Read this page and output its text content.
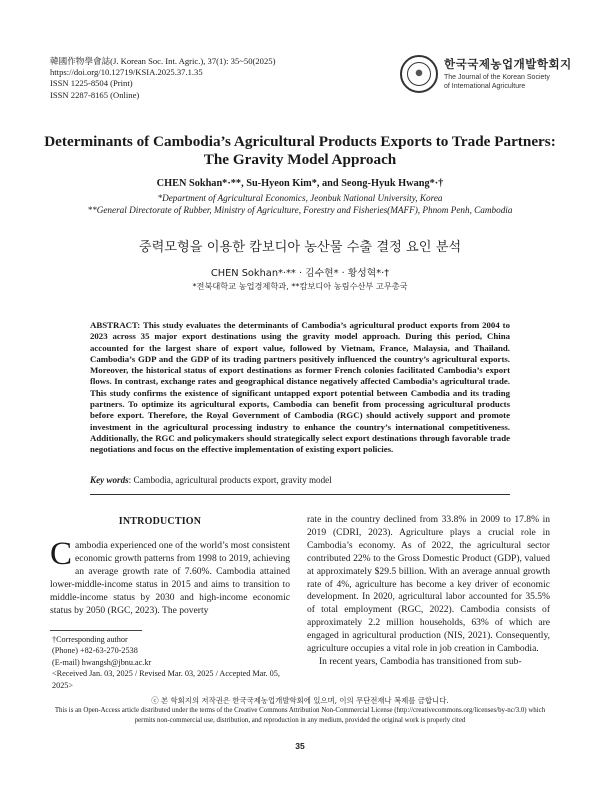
韓國作物學會誌(J. Korean Soc. Int. Agric.), 37(1): 35~50(2025)
https://doi.org/10.12719/KSIA.2025.37.1.35
ISSN 1225-8504 (Print)
ISSN 2287-8165 (Online)
한국국제농업개발학회지
The Journal of the Korean Society
of International Agriculture
Determinants of Cambodia’s Agricultural Products Exports to Trade Partners:
The Gravity Model Approach
CHEN Sokhan*·**, Su-Hyeon Kim*, and Seong-Hyuk Hwang*·†
*Department of Agricultural Economics, Jeonbuk National University, Korea
**General Directorate of Rubber, Ministry of Agriculture, Forestry and Fisheries(MAFF), Phnom Penh, Cambodia
중력모형을 이용한 캄보디아 농산물 수출 결정 요인 분석
CHEN Sokhan*·** · 김수현* · 황성혁*·†
*전북대학교 농업경제학과, **캄보디아 농림수산부 고무총국
ABSTRACT: This study evaluates the determinants of Cambodia’s agricultural product exports from 2004 to 2023 across 35 major export destinations using the gravity model approach. During this period, China accounted for the largest share of export value, followed by Vietnam, France, Malaysia, and Thailand. Cambodia’s GDP and the GDP of its trading partners positively influenced the country’s agricultural exports. Moreover, the historical status of export destinations as former French colonies facilitated Cambodia’s export flows. In contrast, exchange rates and geographical distance negatively affected Cambodia’s agricultural trade. This study confirms the existence of significant untapped export potential between Cambodia and its trading partners. To optimize its agricultural exports, Cambodia can benefit from processing agricultural products before export. Therefore, the Royal Government of Cambodia (RGC) should actively support and promote investment in the agricultural processing industry to enhance the country’s international competitiveness. Additionally, the RGC and policymakers should strategically select export destinations through favorable trade negotiations and focus on the effective implementation of existing export policies.
Key words: Cambodia, agricultural products export, gravity model
INTRODUCTION

Cambodia experienced one of the world’s most consistent economic growth patterns from 1998 to 2019, achieving an average growth rate of 7.60%. Cambodia attained lower-middle-income status in 2015 and aims to transition to middle-income status by 2030 and high-income economic status by 2050 (RGC, 2023). The poverty

rate in the country declined from 33.8% in 2009 to 17.8% in 2019 (CDRI, 2023). Agriculture plays a crucial role in Cambodia’s economy. As of 2022, the agricultural sector contributed 22% to the Gross Domestic Product (GDP), valued at approximately $29.5 billion. With an average annual growth rate of 4%, agriculture has become a key driver of economic development. In 2020, agricultural labor accounted for 35.5% of total employment (RGC, 2022). Cambodia consists of approximately 2.2 million households, 63% of which are engaged in agricultural production (NIS, 2021). Consequently, agriculture occupies a vital role in job creation in Cambodia.

In recent years, Cambodia has transitioned from sub-

†Corresponding author
(Phone) +82-63-270-2538
(E-mail) hwangsh@jbnu.ac.kr
<Received Jan. 03, 2025 / Revised Mar. 03, 2025 / Accepted Mar. 05, 2025>
ⓒ 본 학회지의 저작권은 한국국제농업개발학회에 있으며, 이의 무단전재나 복제를 금합니다.
This is an Open-Access article distributed under the terms of the Creative Commons Attribution Non-Commercial License (http://creativecommons.org/licenses/by-nc/3.0) which
permits non-commercial use, distribution, and reproduction in any medium, provided the original work is properly cited
35
